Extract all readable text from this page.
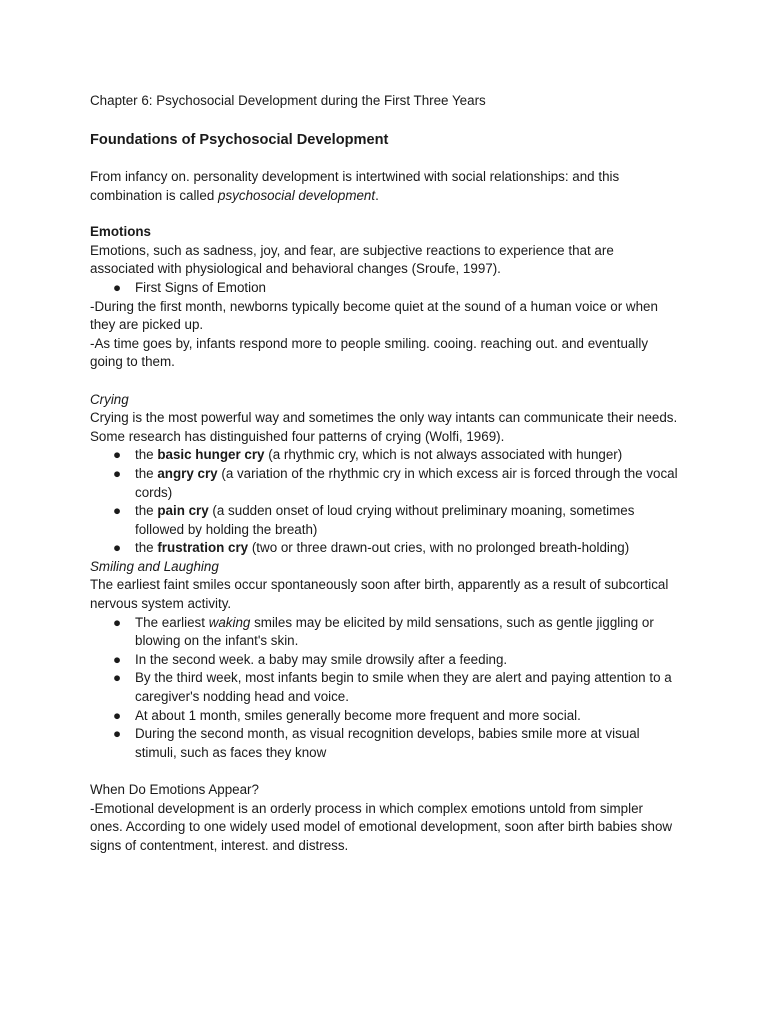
Chapter 6: Psychosocial Development during the First Three Years
Foundations of Psychosocial Development

From infancy on. personality development is intertwined with social relationships: and this combination is called psychosocial development.

Emotions

Emotions, such as sadness, joy, and fear, are subjective reactions to experience that are associated with physiological and behavioral changes (Sroufe, 1997).

● First Signs of Emotion

-During the first month, newborns typically become quiet at the sound of a human voice or when they are picked up.

-As time goes by, infants respond more to people smiling. cooing. reaching out. and eventually going to them.

Crying

Crying is the most powerful way and sometimes the only way intants can communicate their needs. Some research has distinguished four patterns of crying (Wolfi, 1969).

● the basic hunger cry (a rhythmic cry, which is not always associated with hunger)
● the angry cry (a variation of the rhythmic cry in which excess air is forced through the vocal cords)
● the pain cry (a sudden onset of loud crying without preliminary moaning, sometimes followed by holding the breath)
● the frustration cry (two or three drawn-out cries, with no prolonged breath-holding)
Smiling and Laughing

The earliest faint smiles occur spontaneously soon after birth, apparently as a result of subcortical nervous system activity.

● The earliest waking smiles may be elicited by mild sensations, such as gentle jiggling or blowing on the infant's skin.
● In the second week. a baby may smile drowsily after a feeding.
● By the third week, most infants begin to smile when they are alert and paying attention to a caregiver's nodding head and voice.
● At about 1 month, smiles generally become more frequent and more social.
● During the second month, as visual recognition develops, babies smile more at visual stimuli, such as faces they know
When Do Emotions Appear?

-Emotional development is an orderly process in which complex emotions untold from simpler ones. According to one widely used model of emotional development, soon after birth babies show signs of contentment, interest. and distress.
